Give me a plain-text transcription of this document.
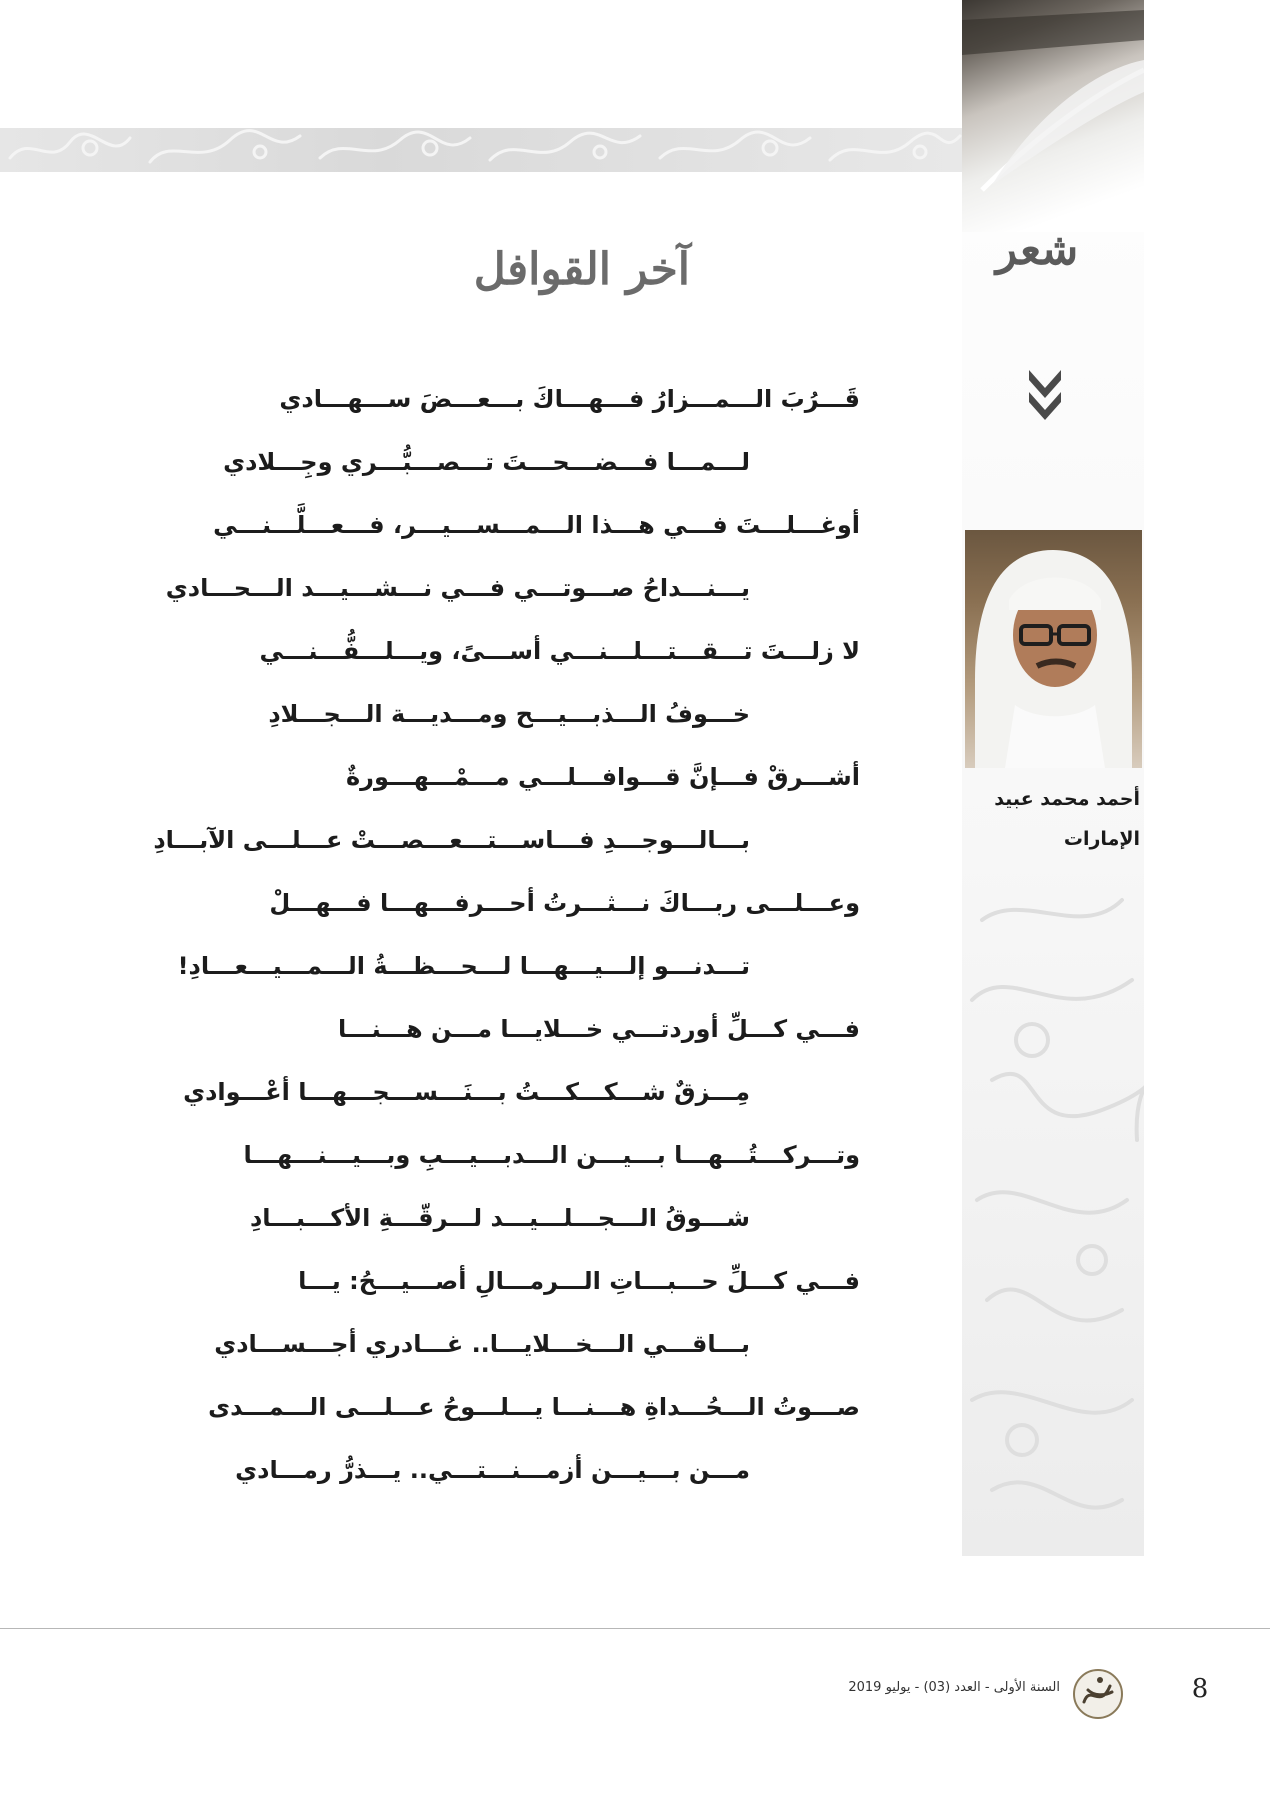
شعر
أحمد محمد عبيد
الإمارات
آخر القوافل
قَـــرُبَ الـــمـــزارُ فـــهـــاكَ بـــعـــضَ ســـهـــادي
لـــمـــا فـــضـــحـــتَ تـــصـــبُّـــري وجِـــلادي
أوغـــلـــتَ فـــي هـــذا الـــمـــســـيـــر، فـــعـــلَّـــنـــي
يـــنـــداحُ صـــوتـــي فـــي نـــشـــيـــد الـــحـــادي
لا زلـــتَ تـــقـــتـــلـــنـــي أســـىً، ويـــلـــفُّـــنـــي
خـــوفُ الـــذبـــيـــح ومـــديـــة الـــجـــلادِ
أشـــرقْ فـــإنَّ قـــوافـــلـــي مـــمْـــهـــورةٌ
بـــالـــوجـــدِ فـــاســـتـــعـــصـــتْ عـــلـــى الآبـــادِ
وعـــلـــى ربـــاكَ نـــثـــرتُ أحـــرفـــهـــا فـــهـــلْ
تـــدنـــو إلـــيـــهـــا لـــحـــظـــةُ الـــمـــيـــعـــادِ!
فـــي كـــلِّ أوردتـــي خـــلايـــا مـــن هـــنـــا
مِـــزقٌ شـــكـــكـــتُ بـــنَـــســـجـــهـــا أعْـــوادي
وتـــركـــتُـــهـــا بـــيـــن الـــدبـــيـــبِ وبـــيـــنـــهـــا
شـــوقُ الـــجـــلـــيـــد لـــرقّـــةِ الأكـــبـــادِ
فـــي كـــلِّ حـــبـــاتِ الـــرمـــالِ أصـــيـــحُ: يـــا
بـــاقـــي الـــخـــلايـــا.. غـــادري أجـــســـادي
صـــوتُ الـــحُـــداةِ هـــنـــا يـــلـــوحُ عـــلـــى الـــمـــدى
مـــن بـــيـــن أزمـــنـــتـــي.. يـــذرُّ رمـــادي
السنة الأولى - العدد (03) - يوليو 2019	8
